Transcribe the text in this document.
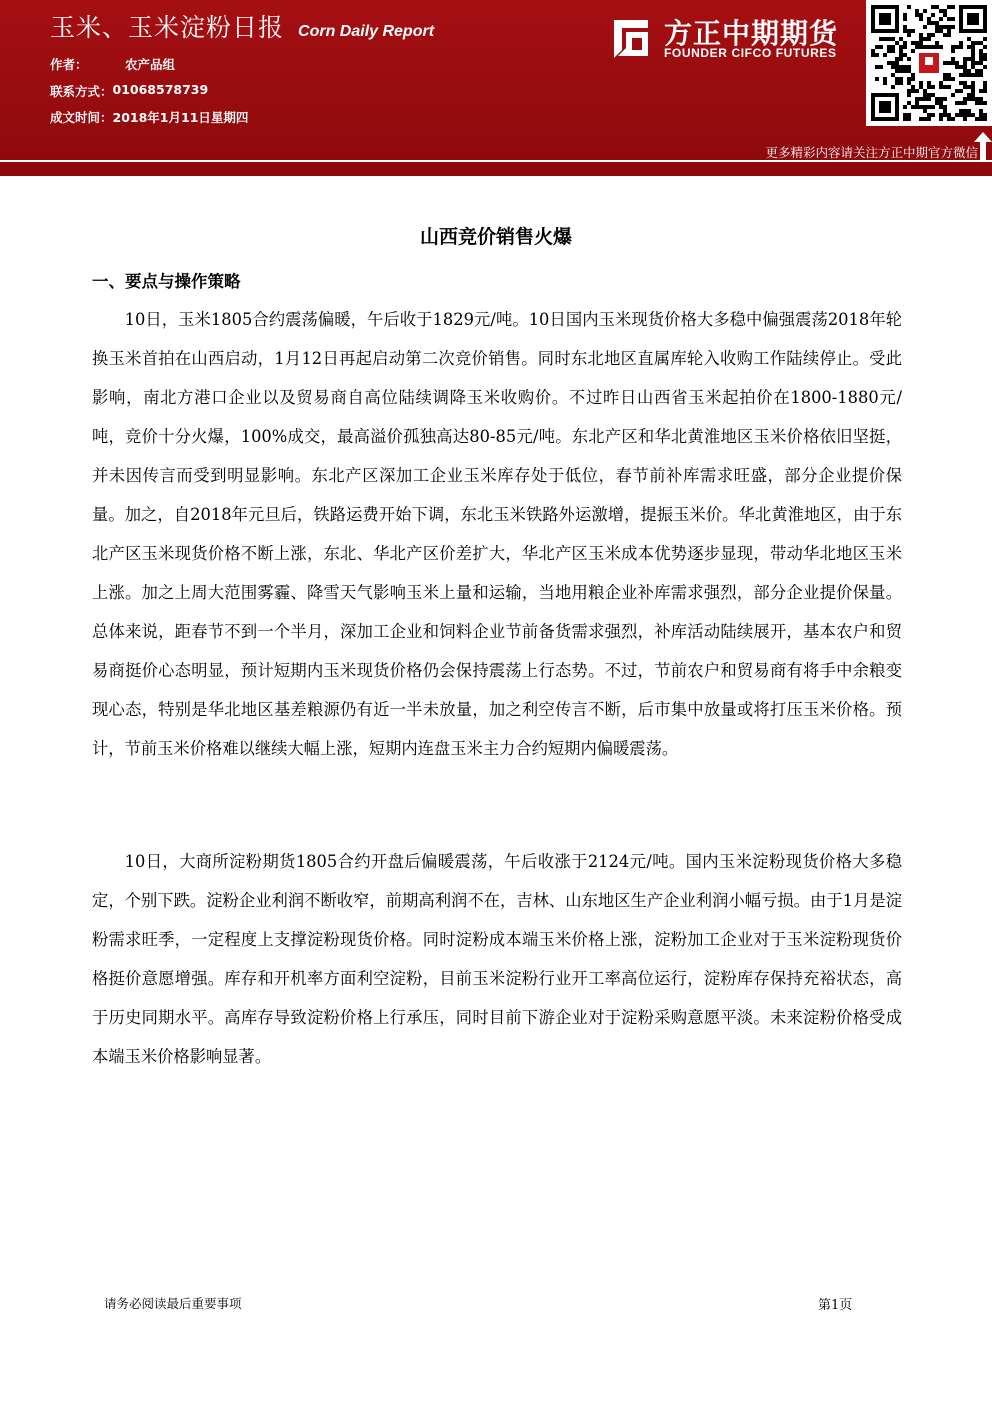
玉米、玉米淀粉日报 Corn Daily Report
作者：	农产品组
联系方式： 01068578739
成文时间： 2018年1月11日星期四
方正中期期货
FOUNDER CIFCO FUTURES
更多精彩内容请关注方正中期官方微信
山西竞价销售火爆
一、要点与操作策略

10日，玉米1805合约震荡偏暖，午后收于1829元/吨。10日国内玉米现货价格大多稳中偏强震荡2018年轮换玉米首拍在山西启动，1月12日再起启动第二次竞价销售。同时东北地区直属库轮入收购工作陆续停止。受此影响，南北方港口企业以及贸易商自高位陆续调降玉米收购价。不过昨日山西省玉米起拍价在1800-1880元/吨，竞价十分火爆，100%成交，最高溢价孤独高达80-85元/吨。东北产区和华北黄淮地区玉米价格依旧坚挺，并未因传言而受到明显影响。东北产区深加工企业玉米库存处于低位，春节前补库需求旺盛，部分企业提价保量。加之，自2018年元旦后，铁路运费开始下调，东北玉米铁路外运激增，提振玉米价。华北黄淮地区，由于东北产区玉米现货价格不断上涨，东北、华北产区价差扩大，华北产区玉米成本优势逐步显现，带动华北地区玉米上涨。加之上周大范围雾霾、降雪天气影响玉米上量和运输，当地用粮企业补库需求强烈，部分企业提价保量。总体来说，距春节不到一个半月，深加工企业和饲料企业节前备货需求强烈，补库活动陆续展开，基本农户和贸易商挺价心态明显，预计短期内玉米现货价格仍会保持震荡上行态势。不过，节前农户和贸易商有将手中余粮变现心态，特别是华北地区基差粮源仍有近一半未放量，加之利空传言不断，后市集中放量或将打压玉米价格。预计，节前玉米价格难以继续大幅上涨，短期内连盘玉米主力合约短期内偏暖震荡。

10日，大商所淀粉期货1805合约开盘后偏暖震荡，午后收涨于2124元/吨。国内玉米淀粉现货价格大多稳定，个别下跌。淀粉企业利润不断收窄，前期高利润不在，吉林、山东地区生产企业利润小幅亏损。由于1月是淀粉需求旺季，一定程度上支撑淀粉现货价格。同时淀粉成本端玉米价格上涨，淀粉加工企业对于玉米淀粉现货价格挺价意愿增强。库存和开机率方面利空淀粉，目前玉米淀粉行业开工率高位运行，淀粉库存保持充裕状态，高于历史同期水平。高库存导致淀粉价格上行承压，同时目前下游企业对于淀粉采购意愿平淡。未来淀粉价格受成本端玉米价格影响显著。

请务必阅读最后重要事项	第1页
